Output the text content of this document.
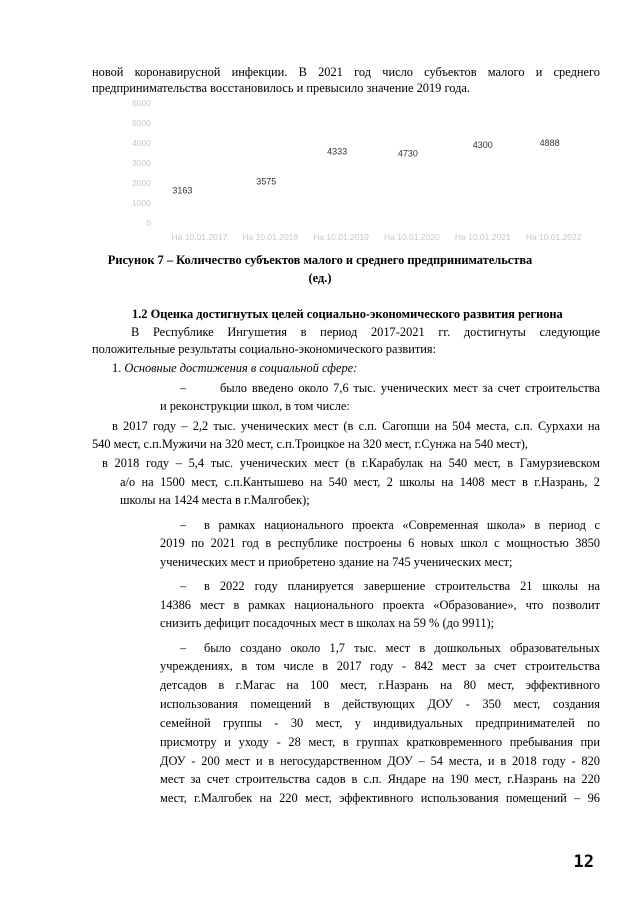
новой коронавирусной инфекции. В 2021 год число субъектов малого и среднего
предпринимательства восстановилось и превысило значение 2019 года.
0
1000
2000
3000
4000
5000
6000
3163
3575
4333	4730
4300	4888
На 10.01.2017 На 10.01.2018 На 10.01.2019 На 10.01.2020 На 10.01.2021 На 10.01.2022
Рисунок 7 – Количество субъектов малого и среднего предпринимательства
(ед.)
1.2 Оценка достигнутых целей социально-экономического развития региона
В Республике Ингушетия в период 2017-2021 гг. достигнуты следующие
положительные результаты социально-экономического развития:
1. Основные достижения в социальной сфере:
–	было введено около 7,6 тыс. ученических мест за счет строительства
и реконструкции школ, в том числе:
в 2017 году – 2,2 тыс. ученических мест (в с.п. Сагопши на 504 места, с.п. Сурхахи на
540 мест, с.п.Мужичи на 320 мест, с.п.Троицкое на 320 мест, г.Сунжа на 540 мест),
в 2018 году – 5,4 тыс. ученических мест (в г.Карабулак на 540 мест, в Гамурзиевском
а/о на 1500 мест, с.п.Кантышево на 540 мест, 2 школы на 1408 мест в г.Назрань, 2
школы на 1424 места в г.Малгобек);
– в рамках национального проекта «Современная школа» в период с
2019 по 2021 год в республике построены 6 новых школ с мощностью 3850
ученических мест и приобретено здание на 745 ученических мест;
– в 2022 году планируется завершение строительства 21 школы на
14386 мест в рамках национального проекта «Образование», что позволит
снизить дефицит посадочных мест в школах на 59 % (до 9911);
– было создано около 1,7 тыс. мест в дошкольных образовательных
учреждениях, в том числе в 2017 году - 842 мест за счет строительства
детсадов в г.Магас на 100 мест, г.Назрань на 80 мест, эффективного
использования помещений в действующих ДОУ - 350 мест, создания
семейной группы - 30 мест, у индивидуальных предпринимателей по
присмотру и уходу - 28 мест, в группах кратковременного пребывания при
ДОУ - 200 мест и в негосударственном ДОУ – 54 места, и в 2018 году - 820
мест за счет строительства садов в с.п. Яндаре на 190 мест, г.Назрань на 220
мест, г.Малгобек на 220 мест, эффективного использования помещений – 96
12
